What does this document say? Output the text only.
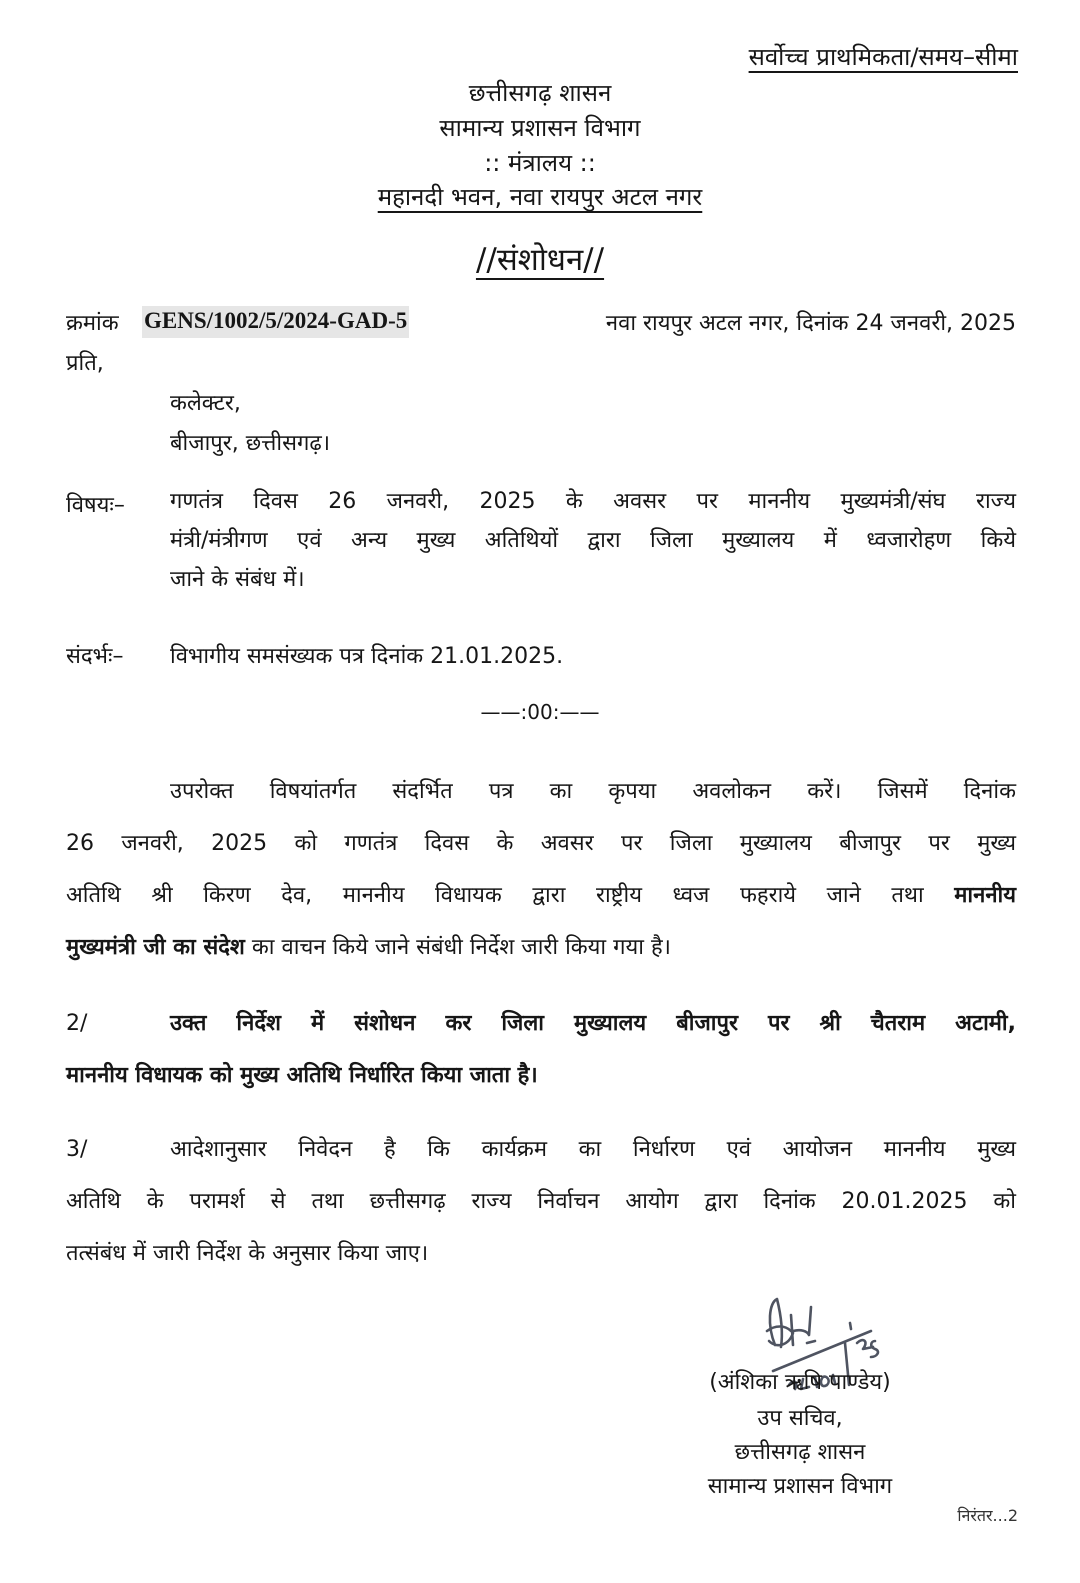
सर्वोच्च प्राथमिकता/समय–सीमा
छत्तीसगढ़ शासन
सामान्य प्रशासन विभाग
:: मंत्रालय ::
महानदी भवन, नवा रायपुर अटल नगर
//संशोधन//
क्रमांक GENS/1002/5/2024-GAD-5	नवा रायपुर अटल नगर, दिनांक 24 जनवरी, 2025
प्रति,
कलेक्टर,
बीजापुर, छत्तीसगढ़।
विषयः– गणतंत्र दिवस 26 जनवरी, 2025 के अवसर पर माननीय मुख्यमंत्री/संघ राज्य
मंत्री/मंत्रीगण एवं अन्य मुख्य अतिथियों द्वारा जिला मुख्यालय में ध्वजारोहण किये
जाने के संबंध में।
संदर्भः– विभागीय समसंख्यक पत्र दिनांक 21.01.2025.
——:00:——
उपरोक्त विषयांतर्गत संदर्भित पत्र का कृपया अवलोकन करें। जिसमें दिनांक
26 जनवरी, 2025 को गणतंत्र दिवस के अवसर पर जिला मुख्यालय बीजापुर पर मुख्य
अतिथि श्री किरण देव, माननीय विधायक द्वारा राष्ट्रीय ध्वज फहराये जाने तथा माननीय
मुख्यमंत्री जी का संदेश का वाचन किये जाने संबंधी निर्देश जारी किया गया है।
2/	उक्त निर्देश में संशोधन कर जिला मुख्यालय बीजापुर पर श्री चैतराम अटामी,
माननीय विधायक को मुख्य अतिथि निर्धारित किया जाता है।
3/	आदेशानुसार निवेदन है कि कार्यक्रम का निर्धारण एवं आयोजन माननीय मुख्य
अतिथि के परामर्श से तथा छत्तीसगढ़ राज्य निर्वाचन आयोग द्वारा दिनांक 20.01.2025 को
तत्संबंध में जारी निर्देश के अनुसार किया जाए।
(अंशिका ऋषि पाण्डेय)
उप सचिव,
छत्तीसगढ़ शासन
सामान्य प्रशासन विभाग
निरंतर...2
